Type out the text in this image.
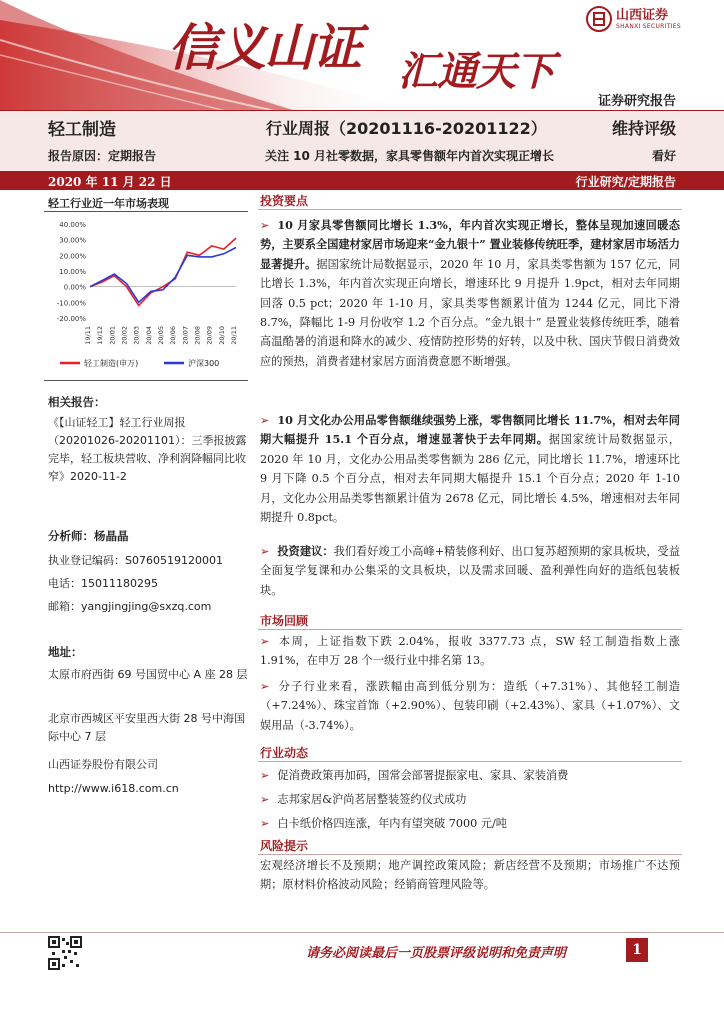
信义山证 汇通天下
山西证券
SHANXI SECURITIES
证券研究报告
轻工制造	行业周报（20201116-20201122）	维持评级
报告原因：定期报告	关注 10 月社零数据，家具零售额年内首次实现正增长	看好
2020 年 11 月 22 日	行业研究/定期报告
轻工行业近一年市场表现
40.00%
30.00%
20.00%
10.00%
0.00%
-10.00%
-20.00%
19/11 19/12 20/01 20/02 20/03 20/04 20/05 20/06 20/07 20/08 20/09 20/10 20/11
轻工制造(申万)	沪深300
相关报告：
《【山证轻工】轻工行业周报（20201026-20201101）：三季报披露完毕，轻工板块营收、净利润降幅同比收窄》2020-11-2
分析师：杨晶晶
执业登记编码：S0760519120001
电话：15011180295
邮箱：yangjingjing@sxzq.com
地址：
太原市府西街 69 号国贸中心 A 座 28 层
北京市西城区平安里西大街 28 号中海国际中心 7 层
山西证券股份有限公司
http://www.i618.com.cn
投资要点
➢ 10 月家具零售额同比增长 1.3%，年内首次实现正增长，整体呈现加速回暖态势，主要系全国建材家居市场迎来“金九银十” 置业装修传统旺季，建材家居市场活力显著提升。据国家统计局数据显示，2020 年 10 月，家具类零售额为 157 亿元，同比增长 1.3%，年内首次实现正向增长，增速环比 9 月提升 1.9pct，相对去年同期回落 0.5 pct；2020 年 1-10 月，家具类零售额累计值为 1244 亿元，同比下滑 8.7%，降幅比 1-9 月份收窄 1.2 个百分点。“金九银十” 是置业装修传统旺季，随着高温酷暑的消退和降水的减少、疫情防控形势的好转，以及中秋、国庆节假日消费效应的预热，消费者建材家居方面消费意愿不断增强。
➢ 10 月文化办公用品零售额继续强势上涨，零售额同比增长 11.7%，相对去年同期大幅提升 15.1 个百分点，增速显著快于去年同期。据国家统计局数据显示，2020 年 10 月，文化办公用品类零售额为 286 亿元，同比增长 11.7%，增速环比 9 月下降 0.5 个百分点，相对去年同期大幅提升 15.1 个百分点；2020 年 1-10 月，文化办公用品类零售额累计值为 2678 亿元，同比增长 4.5%，增速相对去年同期提升 0.8pct。
➢ 投资建议：我们看好竣工小高峰+精装修利好、出口复苏超预期的家具板块，受益全面复学复课和办公集采的文具板块，以及需求回暖、盈利弹性向好的造纸包装板块。
市场回顾
➢ 本周，上证指数下跌 2.04%，报收 3377.73 点，SW 轻工制造指数上涨 1.91%，在申万 28 个一级行业中排名第 13。
➢ 分子行业来看，涨跌幅由高到低分别为：造纸（+7.31%）、其他轻工制造（+7.24%）、珠宝首饰（+2.90%）、包装印刷（+2.43%）、家具（+1.07%）、文娱用品（-3.74%）。
行业动态
➢ 促消费政策再加码，国常会部署提振家电、家具、家装消费
➢ 志邦家居&沪尚茗居整装签约仪式成功
➢ 白卡纸价格四连涨，年内有望突破 7000 元/吨
风险提示
宏观经济增长不及预期；地产调控政策风险；新店经营不及预期；市场推广不达预期；原材料价格波动风险；经销商管理风险等。
请务必阅读最后一页股票评级说明和免责声明	1
